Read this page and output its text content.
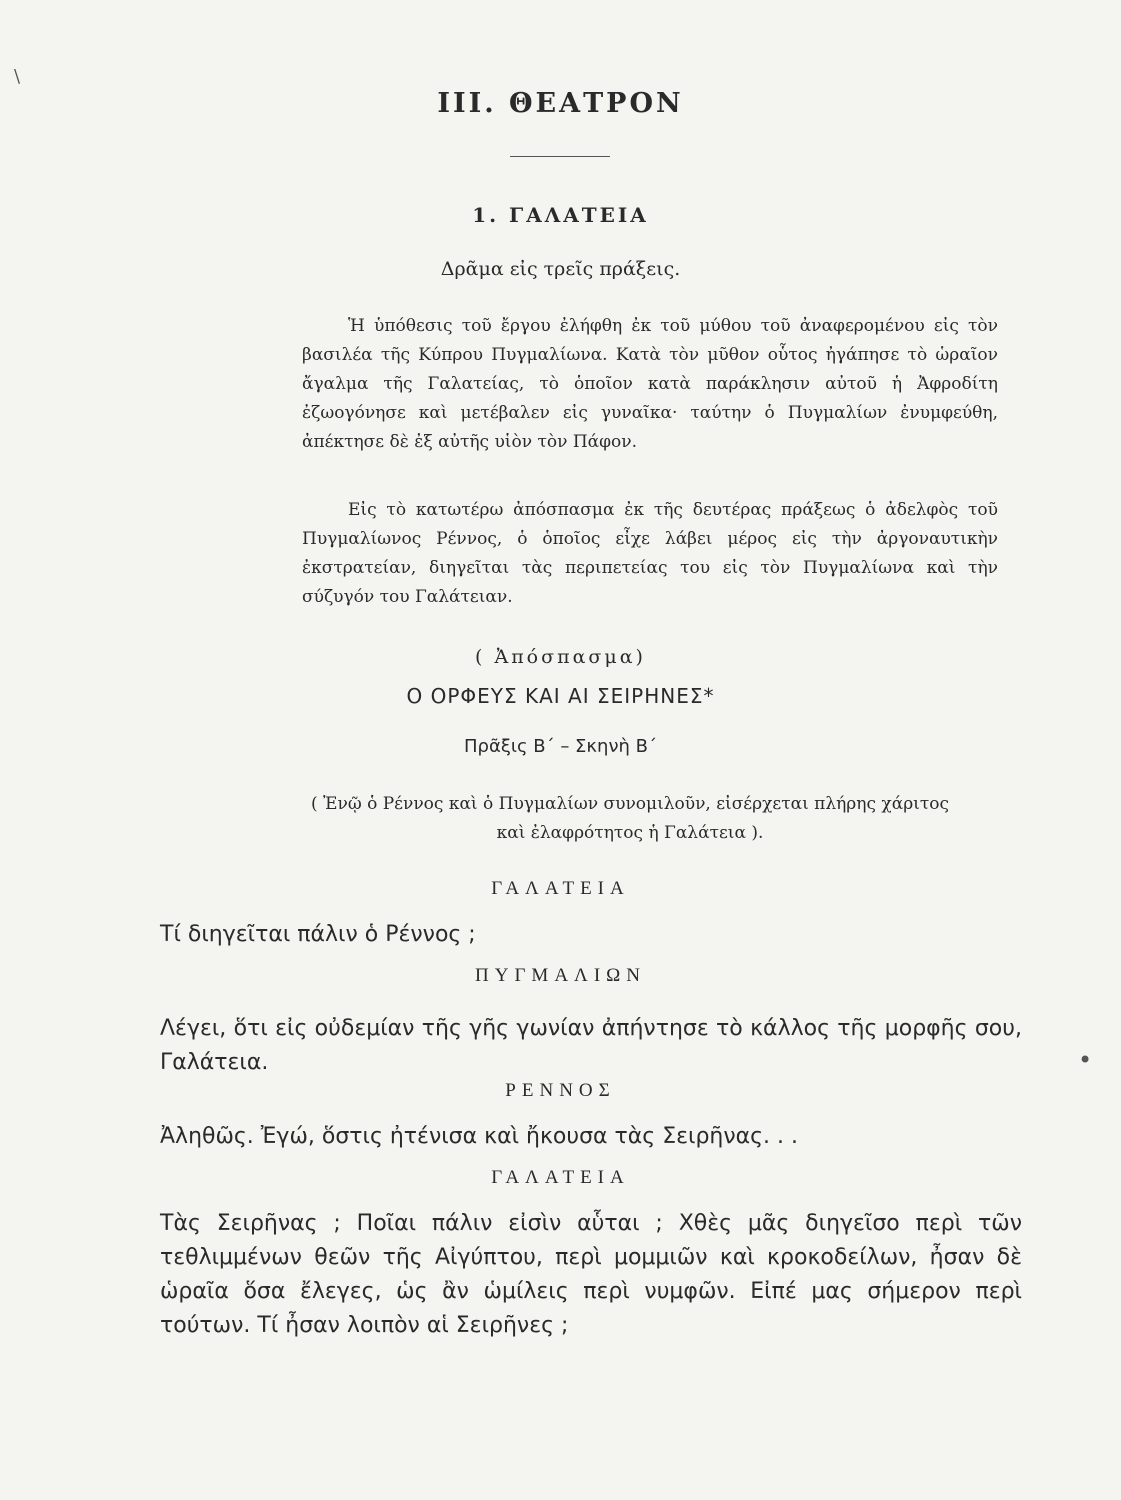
\
ΙΙΙ. ΘΕΑΤΡΟΝ
1. ΓΑΛΑΤΕΙΑ
Δρᾶμα εἰς τρεῖς πράξεις.

Ἡ ὑπόθεσις τοῦ ἔργου ἐλήφθη ἐκ τοῦ μύθου τοῦ ἀναφερομένου εἰς τὸν βασιλέα τῆς Κύπρου Πυγμαλίωνα. Κατὰ τὸν μῦθον οὗτος ἠγάπησε τὸ ὡραῖον ἄγαλμα τῆς Γαλατείας, τὸ ὁποῖον κατὰ παράκλησιν αὐτοῦ ἡ Ἀφροδίτη ἐζωογόνησε καὶ μετέβαλεν εἰς γυναῖκα· ταύτην ὁ Πυγμαλίων ἐνυμφεύθη, ἀπέκτησε δὲ ἐξ αὐτῆς υἱὸν τὸν Πάφον.

Εἰς τὸ κατωτέρω ἀπόσπασμα ἐκ τῆς δευτέρας πράξεως ὁ ἀδελφὸς τοῦ Πυγμαλίωνος Ρέννος, ὁ ὁποῖος εἶχε λάβει μέρος εἰς τὴν ἀργοναυτικὴν ἐκστρατείαν, διηγεῖται τὰς περιπετείας του εἰς τὸν Πυγμαλίωνα καὶ τὴν σύζυγόν του Γαλάτειαν.

( Ἀπόσπασμα)
Ο ΟΡΦΕΥΣ ΚΑΙ ΑΙ ΣΕΙΡΗΝΕΣ*
Πρᾶξις Β΄ – Σκηνὴ Β΄

( Ἐνῷ ὁ Ρέννος καὶ ὁ Πυγμαλίων συνομιλοῦν, εἰσέρχεται πλήρης χάριτος καὶ ἐλαφρότητος ἡ Γαλάτεια ).

ΓΑΛΑΤΕΙΑ

Τί διηγεῖται πάλιν ὁ Ρέννος ;

ΠΥΓΜΑΛΙΩΝ

Λέγει, ὅτι εἰς οὐδεμίαν τῆς γῆς γωνίαν ἀπήντησε τὸ κάλλος τῆς μορφῆς σου, Γαλάτεια.

ΡΕΝΝΟΣ

Ἀληθῶς. Ἐγώ, ὅστις ἠτένισα καὶ ἤκουσα τὰς Σειρῆνας. . .

ΓΑΛΑΤΕΙΑ

Τὰς Σειρῆνας ; Ποῖαι πάλιν εἰσὶν αὗται ; Χθὲς μᾶς διηγεῖσο περὶ τῶν τεθλιμμένων θεῶν τῆς Αἰγύπτου, περὶ μομμιῶν καὶ κροκοδείλων, ἦσαν δὲ ὡραῖα ὅσα ἔλεγες, ὡς ἂν ὡμίλεις περὶ νυμφῶν. Εἰπέ μας σήμερον περὶ τούτων. Τί ἦσαν λοιπὸν αἱ Σειρῆνες ;

•
